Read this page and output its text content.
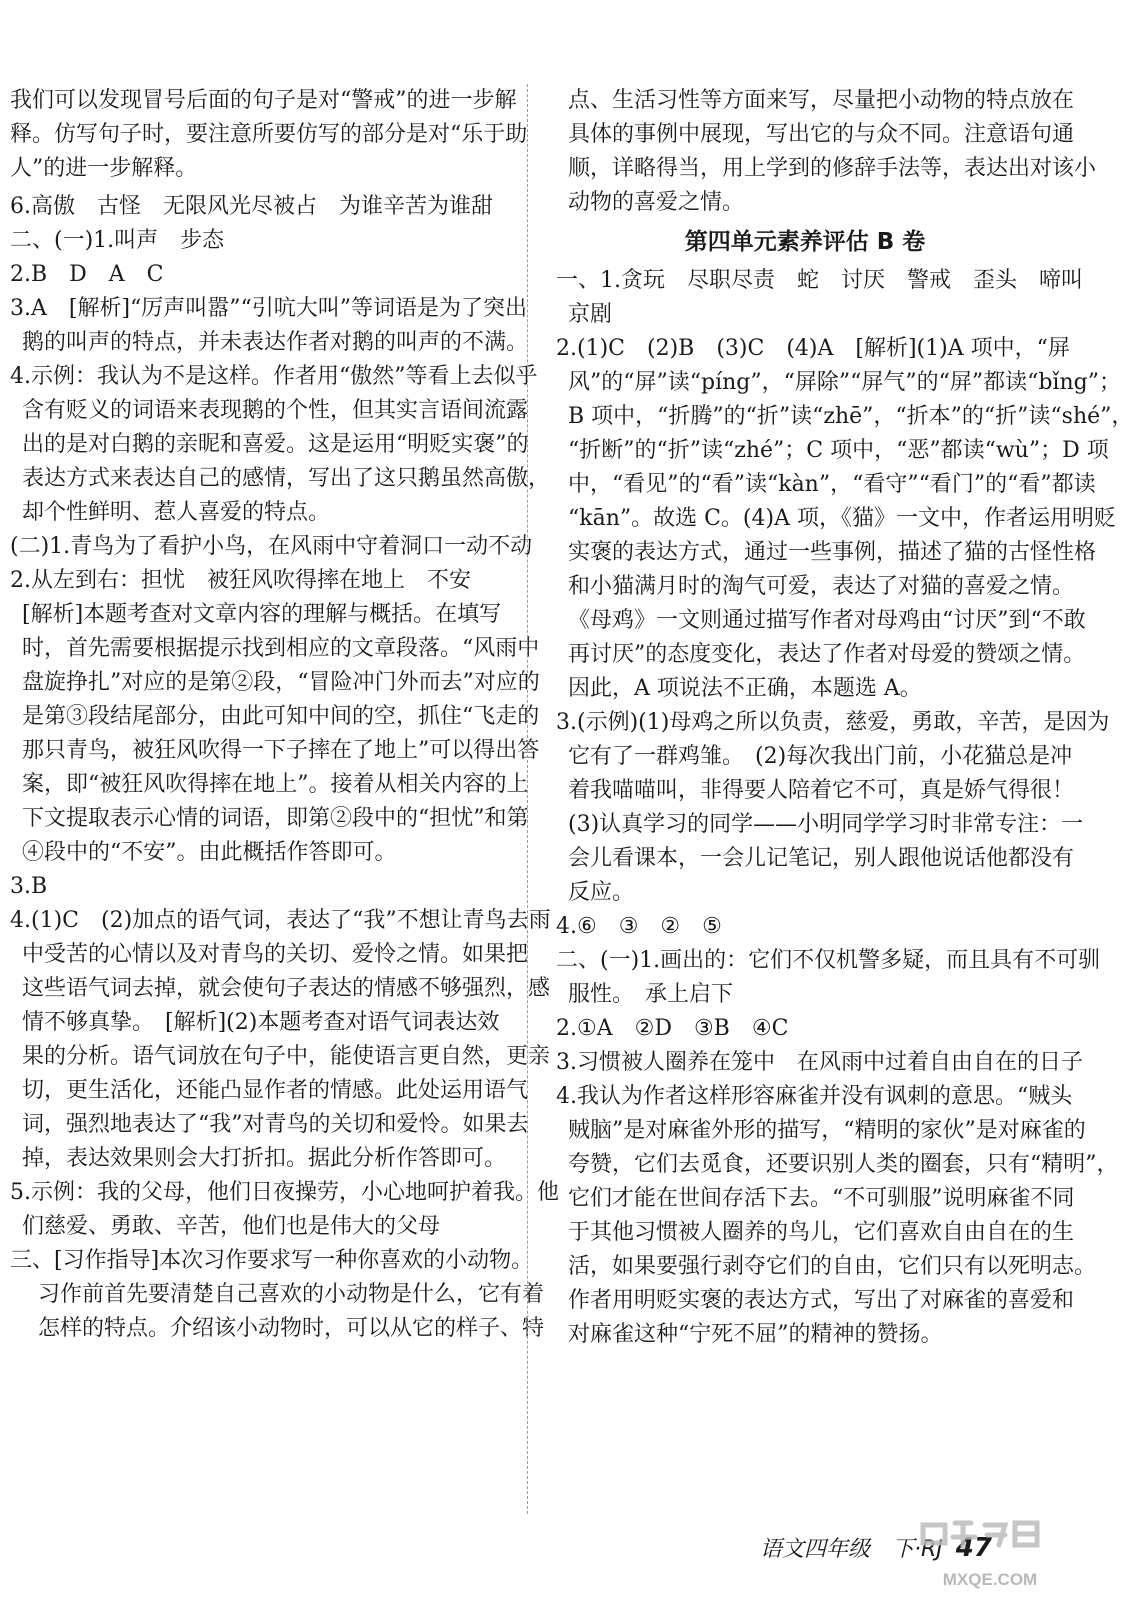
我们可以发现冒号后面的句子是对“警戒”的进一步解
释。仿写句子时，要注意所要仿写的部分是对“乐于助
人”的进一步解释。
6.高傲　古怪　无限风光尽被占　为谁辛苦为谁甜
二、(一)1.叫声　步态
2.B　D　A　C
3.A　[解析]“厉声叫嚣”“引吭大叫”等词语是为了突出
鹅的叫声的特点，并未表达作者对鹅的叫声的不满。
4.示例：我认为不是这样。作者用“傲然”等看上去似乎
含有贬义的词语来表现鹅的个性，但其实言语间流露
出的是对白鹅的亲昵和喜爱。这是运用“明贬实褒”的
表达方式来表达自己的感情，写出了这只鹅虽然高傲，
却个性鲜明、惹人喜爱的特点。
(二)1.青鸟为了看护小鸟，在风雨中守着洞口一动不动
2.从左到右：担忧　被狂风吹得摔在地上　不安
[解析]本题考查对文章内容的理解与概括。在填写
时，首先需要根据提示找到相应的文章段落。“风雨中
盘旋挣扎”对应的是第②段，“冒险冲门外而去”对应的
是第③段结尾部分，由此可知中间的空，抓住“飞走的
那只青鸟，被狂风吹得一下子摔在了地上”可以得出答
案，即“被狂风吹得摔在地上”。接着从相关内容的上
下文提取表示心情的词语，即第②段中的“担忧”和第
④段中的“不安”。由此概括作答即可。
3.B
4.(1)C　(2)加点的语气词，表达了“我”不想让青鸟去雨
中受苦的心情以及对青鸟的关切、爱怜之情。如果把
这些语气词去掉，就会使句子表达的情感不够强烈，感
情不够真挚。　[解析](2)本题考查对语气词表达效
果的分析。语气词放在句子中，能使语言更自然，更亲
切，更生活化，还能凸显作者的情感。此处运用语气
词，强烈地表达了“我”对青鸟的关切和爱怜。如果去
掉，表达效果则会大打折扣。据此分析作答即可。
5.示例：我的父母，他们日夜操劳，小心地呵护着我。他
们慈爱、勇敢、辛苦，他们也是伟大的父母
三、[习作指导]本次习作要求写一种你喜欢的小动物。
习作前首先要清楚自己喜欢的小动物是什么，它有着
怎样的特点。介绍该小动物时，可以从它的样子、特
点、生活习性等方面来写，尽量把小动物的特点放在
具体的事例中展现，写出它的与众不同。注意语句通
顺，详略得当，用上学到的修辞手法等，表达出对该小
动物的喜爱之情。
第四单元素养评估 B 卷
一、1.贪玩　尽职尽责　蛇　讨厌　警戒　歪头　啼叫
京剧
2.(1)C　(2)B　(3)C　(4)A　[解析](1)A 项中，“屏
风”的“屏”读“píng”，“屏除”“屏气”的“屏”都读“bǐng”；
B 项中，“折腾”的“折”读“zhē”，“折本”的“折”读“shé”，
“折断”的“折”读“zhé”；C 项中，“恶”都读“wù”；D 项
中，“看见”的“看”读“kàn”，“看守”“看门”的“看”都读
“kān”。故选 C。(4)A 项，《猫》一文中，作者运用明贬
实褒的表达方式，通过一些事例，描述了猫的古怪性格
和小猫满月时的淘气可爱，表达了对猫的喜爱之情。
《母鸡》一文则通过描写作者对母鸡由“讨厌”到“不敢
再讨厌”的态度变化，表达了作者对母爱的赞颂之情。
因此，A 项说法不正确，本题选 A。
3.(示例)(1)母鸡之所以负责，慈爱，勇敢，辛苦，是因为
它有了一群鸡雏。　(2)每次我出门前，小花猫总是冲
着我喵喵叫，非得要人陪着它不可，真是娇气得很！
(3)认真学习的同学——小明同学学习时非常专注：一
会儿看课本，一会儿记笔记，别人跟他说话他都没有
反应。
4.⑥　③　②　⑤
二、(一)1.画出的：它们不仅机警多疑，而且具有不可驯
服性。　承上启下
2.①A　②D　③B　④C
3.习惯被人圈养在笼中　在风雨中过着自由自在的日子
4.我认为作者这样形容麻雀并没有讽刺的意思。“贼头
贼脑”是对麻雀外形的描写，“精明的家伙”是对麻雀的
夸赞，它们去觅食，还要识别人类的圈套，只有“精明”，
它们才能在世间存活下去。“不可驯服”说明麻雀不同
于其他习惯被人圈养的鸟儿，它们喜欢自由自在的生
活，如果要强行剥夺它们的自由，它们只有以死明志。
作者用明贬实褒的表达方式，写出了对麻雀的喜爱和
对麻雀这种“宁死不屈”的精神的赞扬。
语文四年级　下·RJ 47
MXQE.COM
